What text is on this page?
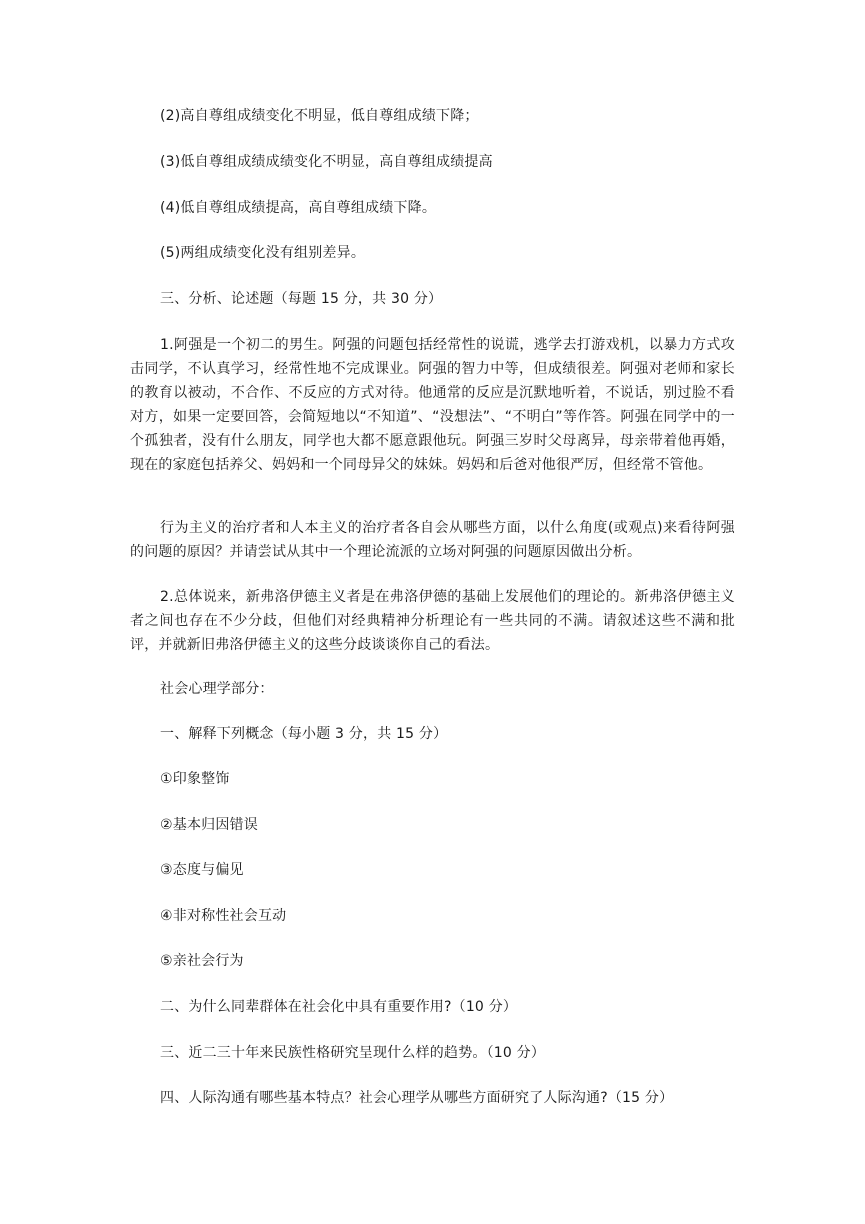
(2)高自尊组成绩变化不明显，低自尊组成绩下降；

(3)低自尊组成绩成绩变化不明显，高自尊组成绩提高

(4)低自尊组成绩提高，高自尊组成绩下降。

(5)两组成绩变化没有组别差异。

三、分析、论述题（每题 15 分，共 30 分）

1.阿强是一个初二的男生。阿强的问题包括经常性的说谎，逃学去打游戏机，以暴力方式攻击同学，不认真学习，经常性地不完成课业。阿强的智力中等，但成绩很差。阿强对老师和家长的教育以被动，不合作、不反应的方式对待。他通常的反应是沉默地听着，不说话，别过脸不看对方，如果一定要回答，会简短地以“不知道”、“没想法”、“不明白”等作答。阿强在同学中的一个孤独者，没有什么朋友，同学也大都不愿意跟他玩。阿强三岁时父母离异，母亲带着他再婚，现在的家庭包括养父、妈妈和一个同母异父的妹妹。妈妈和后爸对他很严厉，但经常不管他。

行为主义的治疗者和人本主义的治疗者各自会从哪些方面，以什么角度(或观点)来看待阿强的问题的原因？并请尝试从其中一个理论流派的立场对阿强的问题原因做出分析。

2.总体说来，新弗洛伊德主义者是在弗洛伊德的基础上发展他们的理论的。新弗洛伊德主义者之间也存在不少分歧，但他们对经典精神分析理论有一些共同的不满。请叙述这些不满和批评，并就新旧弗洛伊德主义的这些分歧谈谈你自己的看法。

社会心理学部分：

一、解释下列概念（每小题 3 分，共 15 分）

①印象整饰

②基本归因错误

③态度与偏见

④非对称性社会互动

⑤亲社会行为

二、为什么同辈群体在社会化中具有重要作用?（10 分）

三、近二三十年来民族性格研究呈现什么样的趋势。（10 分）

四、人际沟通有哪些基本特点？社会心理学从哪些方面研究了人际沟通?（15 分）
